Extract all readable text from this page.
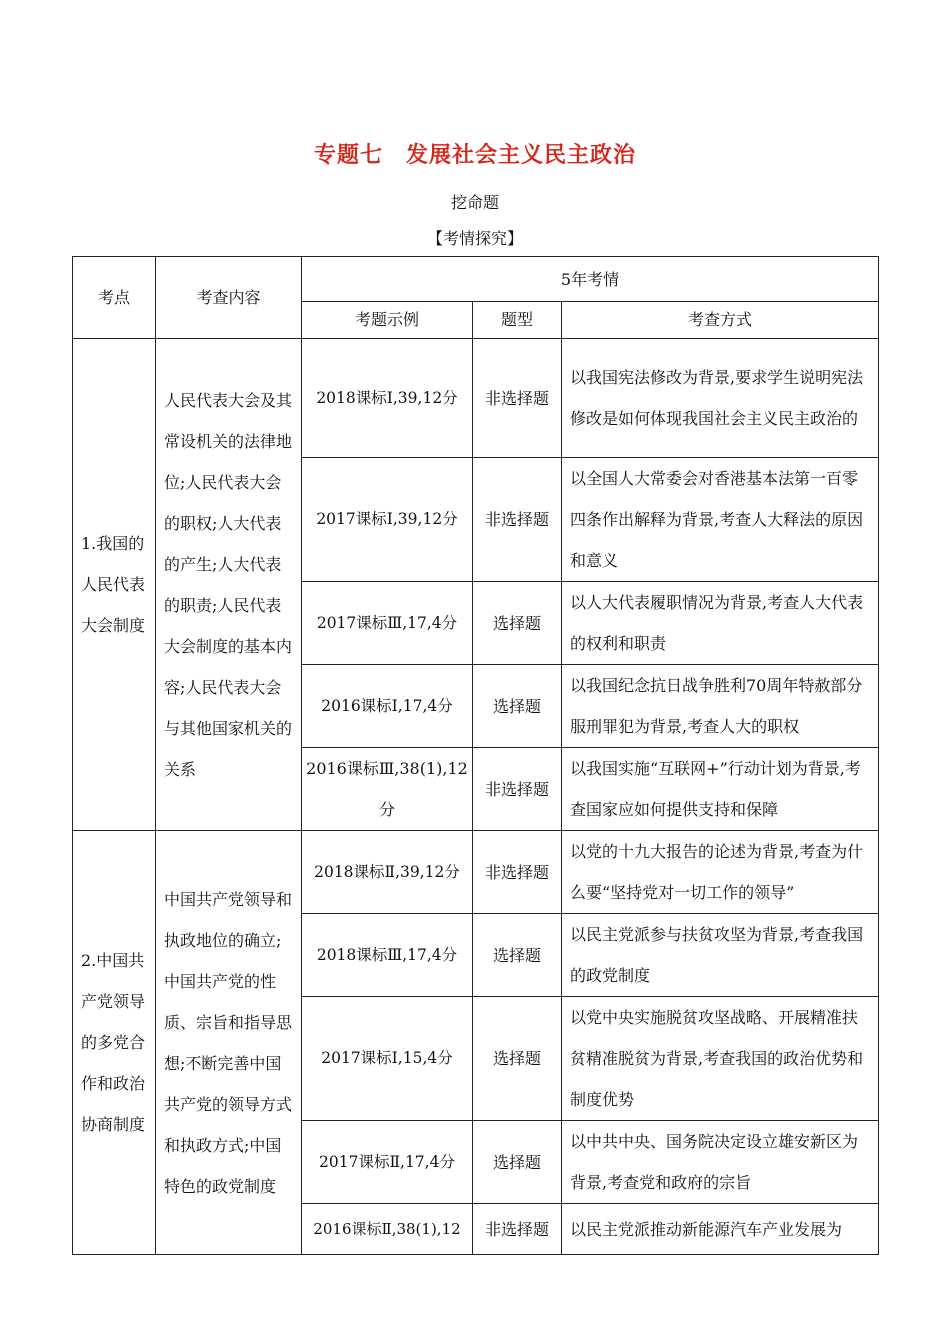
专题七　发展社会主义民主政治
挖命题
【考情探究】
考点	考查内容	5年考情		
		考题示例	题型	考查方式
1.我国的人民代表大会制度	人民代表大会及其常设机关的法律地位;人民代表大会的职权;人大代表的产生;人大代表的职责;人民代表大会制度的基本内容;人民代表大会与其他国家机关的关系	2018课标Ⅰ,39,12分	非选择题	以我国宪法修改为背景,要求学生说明宪法修改是如何体现我国社会主义民主政治的
		2017课标Ⅰ,39,12分	非选择题	以全国人大常委会对香港基本法第一百零四条作出解释为背景,考查人大释法的原因和意义
		2017课标Ⅲ,17,4分	选择题	以人大代表履职情况为背景,考查人大代表的权利和职责
		2016课标Ⅰ,17,4分	选择题	以我国纪念抗日战争胜利70周年特赦部分服刑罪犯为背景,考查人大的职权
		2016课标Ⅲ,38(1),12分	非选择题	以我国实施“互联网+”行动计划为背景,考查国家应如何提供支持和保障
2.中国共产党领导的多党合作和政治协商制度	中国共产党领导和执政地位的确立;中国共产党的性质、宗旨和指导思想;不断完善中国共产党的领导方式和执政方式;中国特色的政党制度	2018课标Ⅱ,39,12分	非选择题	以党的十九大报告的论述为背景,考查为什么要“坚持党对一切工作的领导”
		2018课标Ⅲ,17,4分	选择题	以民主党派参与扶贫攻坚为背景,考查我国的政党制度
		2017课标Ⅰ,15,4分	选择题	以党中央实施脱贫攻坚战略、开展精准扶贫精准脱贫为背景,考查我国的政治优势和制度优势
		2017课标Ⅱ,17,4分	选择题	以中共中央、国务院决定设立雄安新区为背景,考查党和政府的宗旨
		2016课标Ⅱ,38(1),12	非选择题	以民主党派推动新能源汽车产业发展为
